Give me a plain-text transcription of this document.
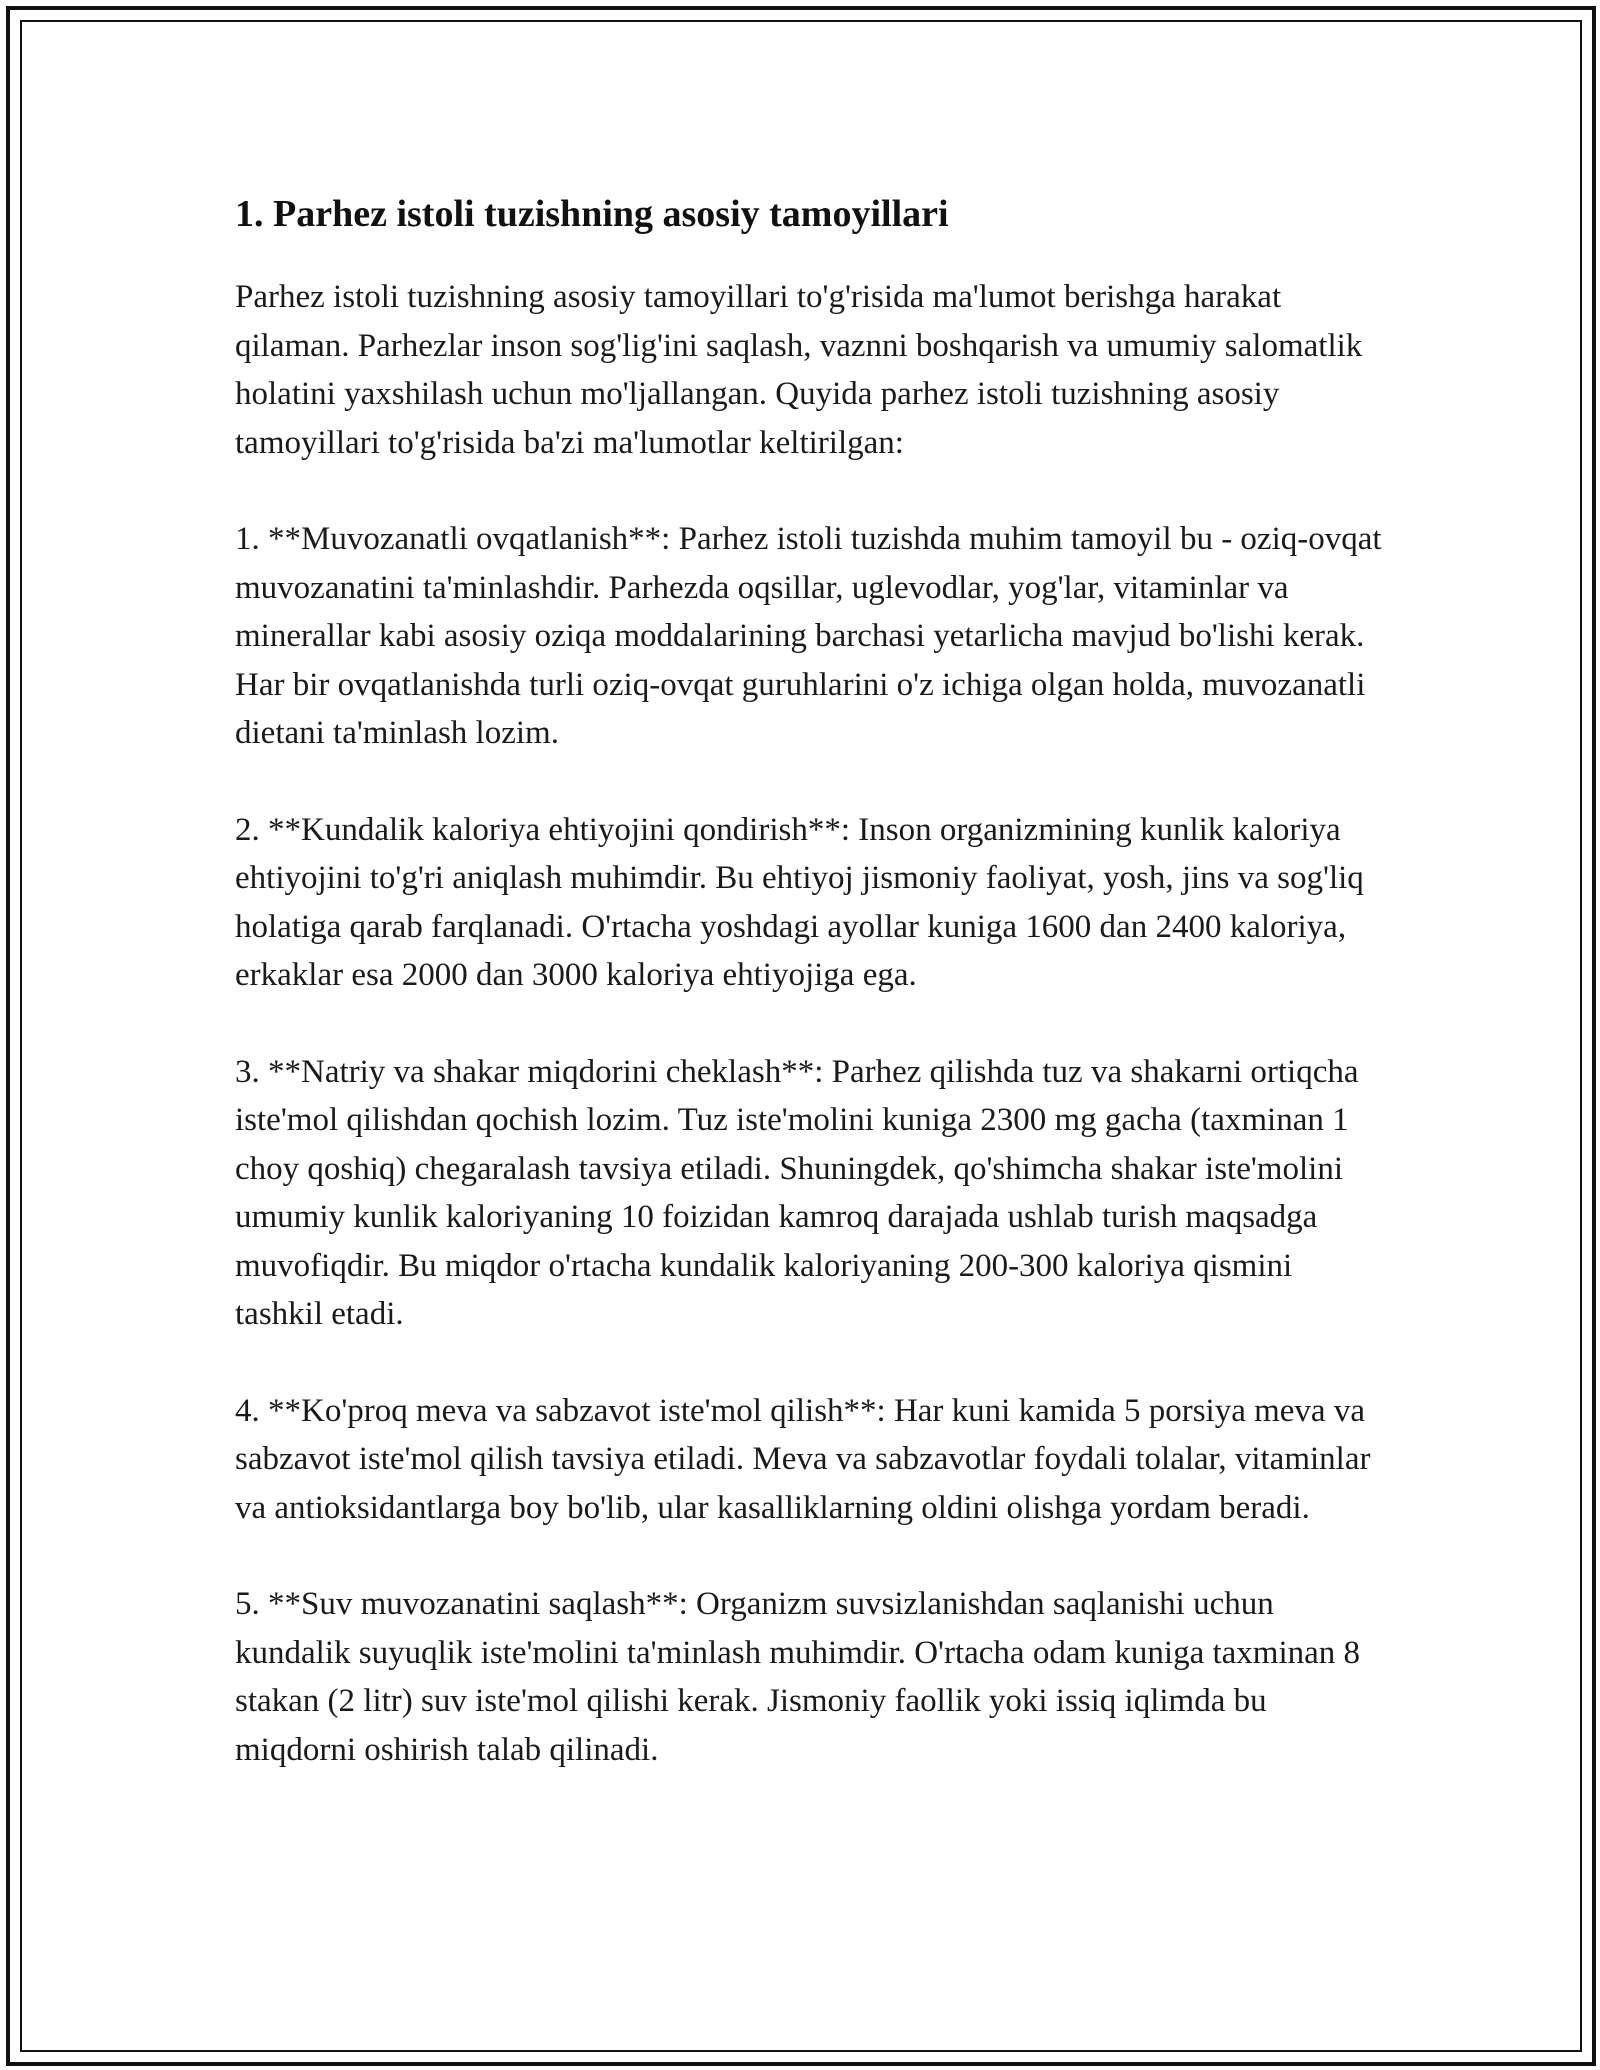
1. Parhez istoli tuzishning asosiy tamoyillari

Parhez istoli tuzishning asosiy tamoyillari to'g'risida ma'lumot berishga harakat qilaman. Parhezlar inson sog'lig'ini saqlash, vaznni boshqarish va umumiy salomatlik holatini yaxshilash uchun mo'ljallangan. Quyida parhez istoli tuzishning asosiy tamoyillari to'g'risida ba'zi ma'lumotlar keltirilgan:

1. **Muvozanatli ovqatlanish**: Parhez istoli tuzishda muhim tamoyil bu - oziq-ovqat muvozanatini ta'minlashdir. Parhezda oqsillar, uglevodlar, yog'lar, vitaminlar va minerallar kabi asosiy oziqa moddalarining barchasi yetarlicha mavjud bo'lishi kerak. Har bir ovqatlanishda turli oziq-ovqat guruhlarini o'z ichiga olgan holda, muvozanatli dietani ta'minlash lozim.

2. **Kundalik kaloriya ehtiyojini qondirish**: Inson organizmining kunlik kaloriya ehtiyojini to'g'ri aniqlash muhimdir. Bu ehtiyoj jismoniy faoliyat, yosh, jins va sog'liq holatiga qarab farqlanadi. O'rtacha yoshdagi ayollar kuniga 1600 dan 2400 kaloriya, erkaklar esa 2000 dan 3000 kaloriya ehtiyojiga ega.

3. **Natriy va shakar miqdorini cheklash**: Parhez qilishda tuz va shakarni ortiqcha iste'mol qilishdan qochish lozim. Tuz iste'molini kuniga 2300 mg gacha (taxminan 1 choy qoshiq) chegaralash tavsiya etiladi. Shuningdek, qo'shimcha shakar iste'molini umumiy kunlik kaloriyaning 10 foizidan kamroq darajada ushlab turish maqsadga muvofiqdir. Bu miqdor o'rtacha kundalik kaloriyaning 200-300 kaloriya qismini tashkil etadi.

4. **Ko'proq meva va sabzavot iste'mol qilish**: Har kuni kamida 5 porsiya meva va sabzavot iste'mol qilish tavsiya etiladi. Meva va sabzavotlar foydali tolalar, vitaminlar va antioksidantlarga boy bo'lib, ular kasalliklarning oldini olishga yordam beradi.

5. **Suv muvozanatini saqlash**: Organizm suvsizlanishdan saqlanishi uchun kundalik suyuqlik iste'molini ta'minlash muhimdir. O'rtacha odam kuniga taxminan 8 stakan (2 litr) suv iste'mol qilishi kerak. Jismoniy faollik yoki issiq iqlimda bu miqdorni oshirish talab qilinadi.
